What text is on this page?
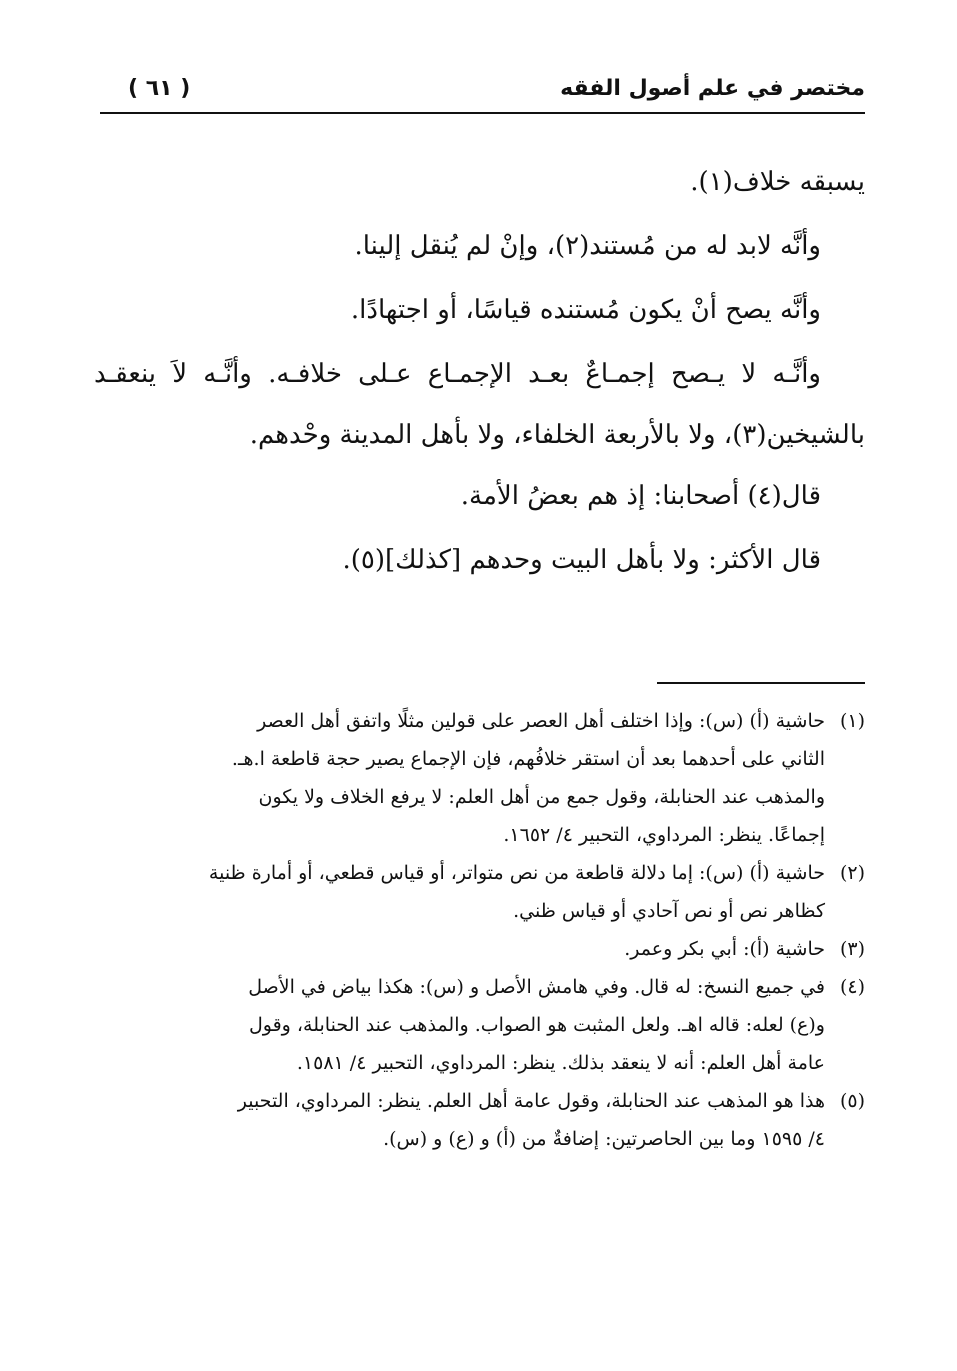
مختصر في علم أصول الفقه
( ٦١ )
يسبقه خلاف(١).
وأنَّه لابد له من مُستند(٢)، وإنْ لم يُنقل إلينا.
وأنَّه يصح أنْ يكون مُستنده قياسًا، أو اجتهادًا.
وأنَّـه لا يـصح إجمـاعٌ بعـد الإجمـاع عـلى خلافـه. وأنَّـه لاَ ينعقـد
بالشيخين(٣)، ولا بالأربعة الخلفاء، ولا بأهل المدينة وحْدهم.
قال(٤) أصحابنا: إذ هم بعضُ الأمة.
قال الأكثر: ولا بأهل البيت وحدهم [كذلك](٥).
(١)
حاشية (أ) (س): وإذا اختلف أهل العصر على قولين مثلًا واتفق أهل العصر
الثاني على أحدهما بعد أن استقر خلافُهم، فإن الإجماع يصير حجة قاطعة ا.هـ.
والمذهب عند الحنابلة، وقول جمع من أهل العلم: لا يرفع الخلاف ولا يكون
إجماعًا. ينظر: المرداوي، التحبير ٤/ ١٦٥٢.
(٢)
حاشية (أ) (س): إما دلالة قاطعة من نص متواتر، أو قياس قطعي، أو أمارة ظنية
كظاهر نص أو نص آحادي أو قياس ظني.
(٣)
حاشية (أ): أبي بكر وعمر.
(٤)
في جميع النسخ: له قال. وفي هامش الأصل و (س): هكذا بياض في الأصل
و(ع) لعله: قاله اهـ. ولعل المثبت هو الصواب. والمذهب عند الحنابلة، وقول
عامة أهل العلم: أنه لا ينعقد بذلك. ينظر: المرداوي، التحبير ٤/ ١٥٨١.
(٥)
هذا هو المذهب عند الحنابلة، وقول عامة أهل العلم. ينظر: المرداوي، التحبير
٤/ ١٥٩٥ وما بين الحاصرتين: إضافةٌ من (أ) و (ع) و (س).
